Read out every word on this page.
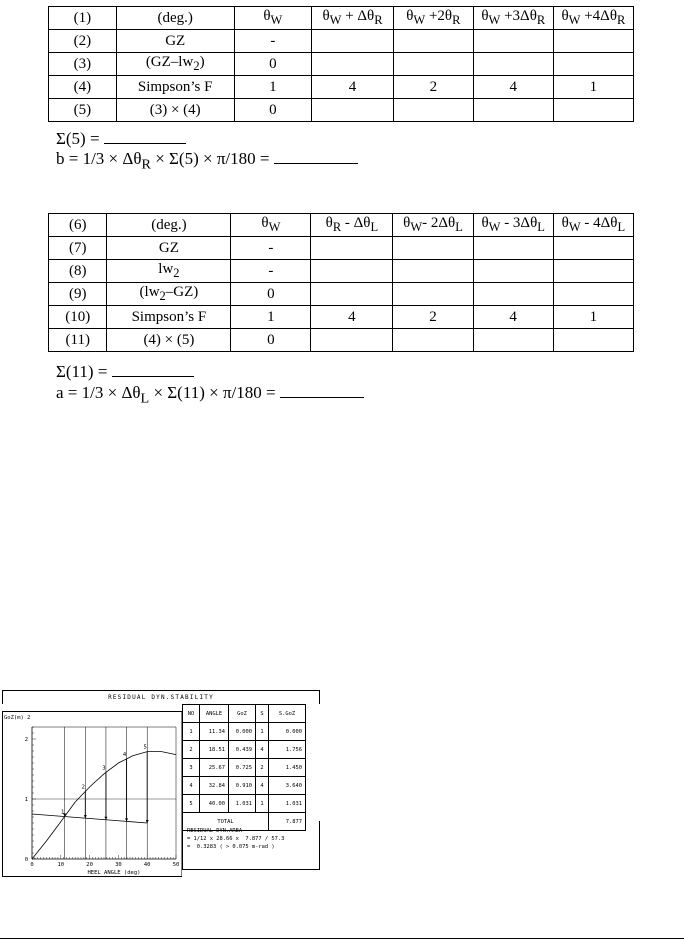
(1)	(deg.)	$\theta_W$	$\theta_W + \Delta\theta_R$	$\theta_W +2\theta_R$	$\theta_W +3\Delta\theta_R$	$\theta_W +4\Delta\theta_R$
(2)	GZ	-				
(3)	$(GZ-lw_2)$	0				
(4)	Simpson’s F	1	4	2	4	1
(5)	(3) × (4)	0				
Σ(5) =
$b = 1/3 \times \Delta\theta_R \times \Sigma(5) \times \pi/180$ =
(6)	(deg.)	$\theta_W$	$\theta_R - \Delta\theta_L$	$\theta_W-$ $2\Delta\theta_L$	$\theta_W - 3\Delta\theta_L$	$\theta_W - 4\Delta\theta_L$
(7)	GZ	-				
(8)	$lw_2$	-				
(9)	$(lw_2-GZ)$	0				
(10)	Simpson’s F	1	4	2	4	1
(11)	(4) × (5)	0				
Σ(11) =
$a = 1/3 \times \Delta\theta_L \times \Sigma(11) \times \pi/180$ =
RESIDUAL DYN.STABILITY
0	10	20	30	40	50
0
1
2
HEEL ANGLE (deg)
GoZ(m) 2
1
2
3
4
5
NO	ANGLE	GoZ	S	S.GoZ
1	11.34	0.000	1	0.000
2	18.51	0.439	4	1.756
3	25.67	0.725	2	1.450
4	32.84	0.910	4	3.640
5	40.00	1.031	1	1.031
TOTAL				7.877
RESIDUAL DYN.AREA
= 1/12 x 28.66 x  7.877 / 57.3
=  0.3283 ( > 0.075 m-rad )
